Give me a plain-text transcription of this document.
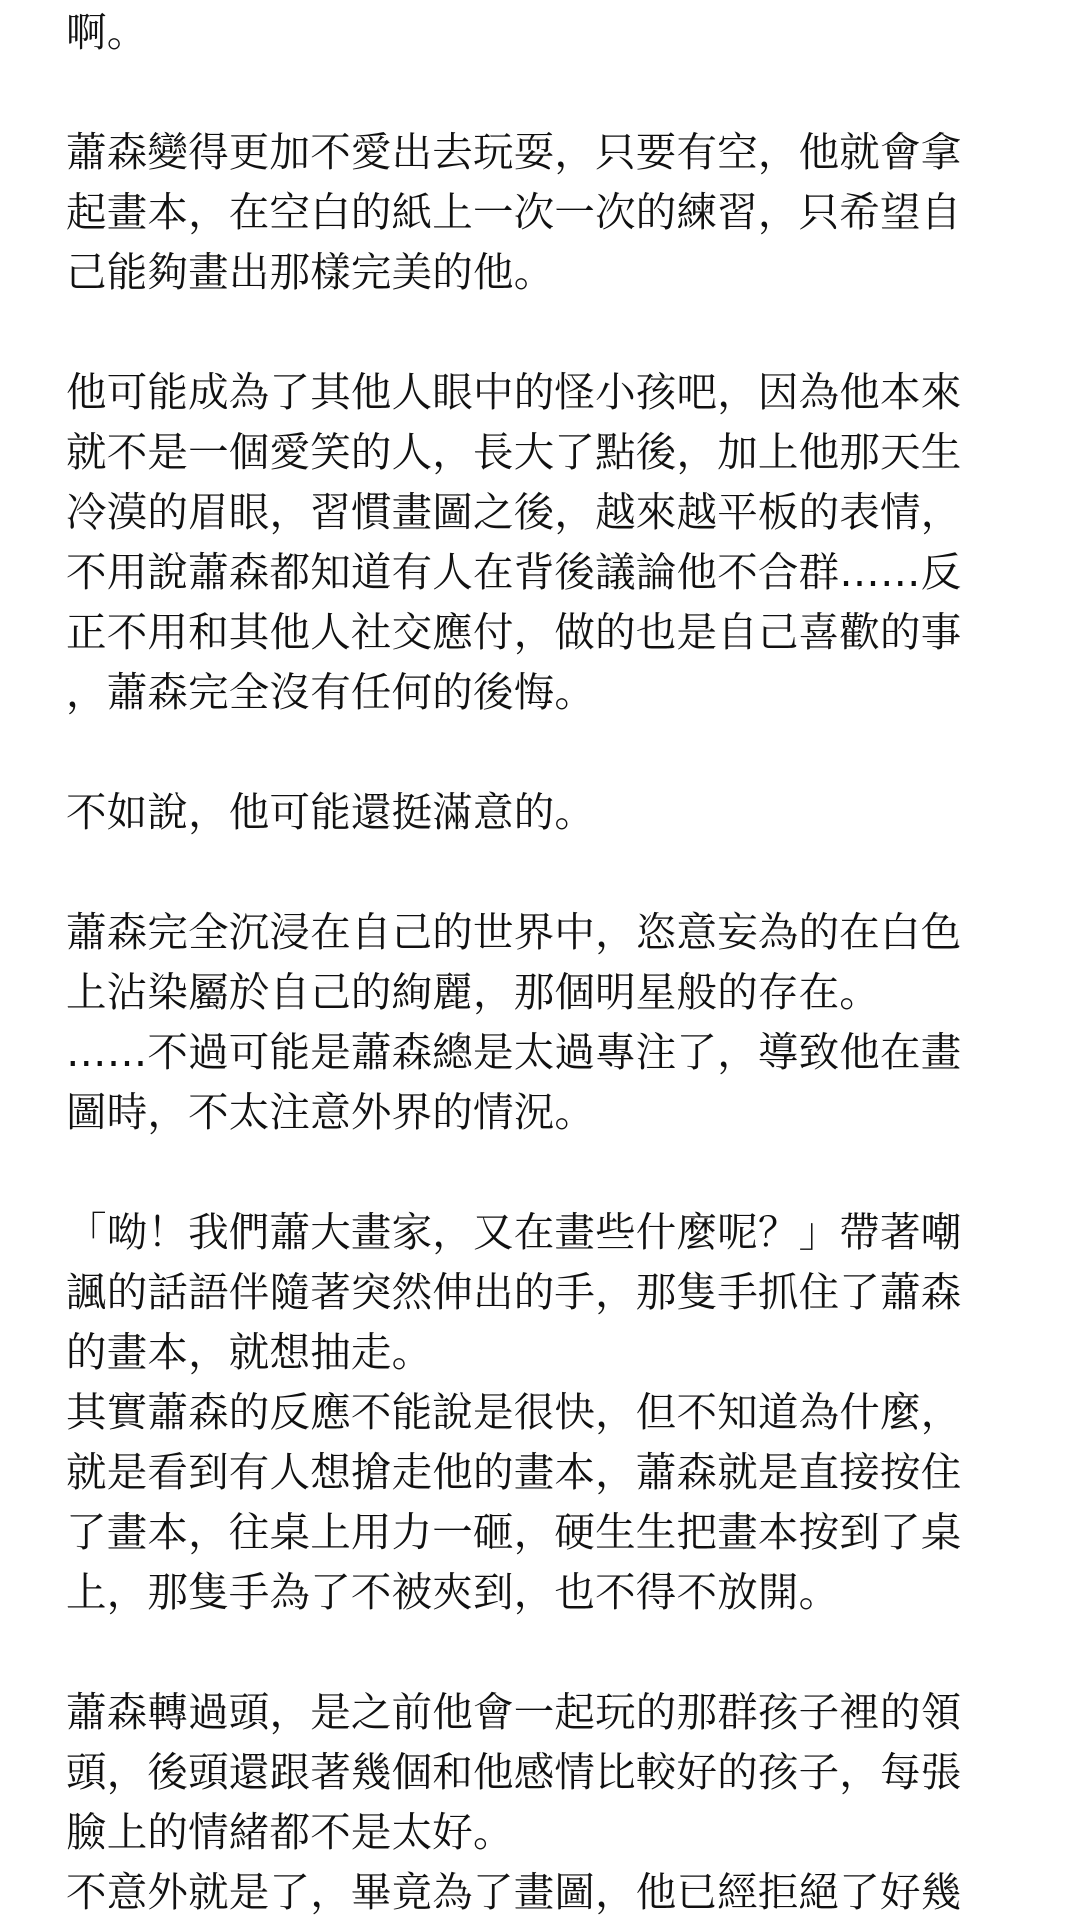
啊。
蕭森變得更加不愛出去玩耍，只要有空，他就會拿
起畫本，在空白的紙上一次一次的練習，只希望自
己能夠畫出那樣完美的他。
他可能成為了其他人眼中的怪小孩吧，因為他本來
就不是一個愛笑的人，長大了點後，加上他那天生
冷漠的眉眼，習慣畫圖之後，越來越平板的表情，
不用說蕭森都知道有人在背後議論他不合群……反
正不用和其他人社交應付，做的也是自己喜歡的事
，蕭森完全沒有任何的後悔。
不如說，他可能還挺滿意的。
蕭森完全沉浸在自己的世界中，恣意妄為的在白色
上沾染屬於自己的絢麗，那個明星般的存在。
……不過可能是蕭森總是太過專注了，導致他在畫
圖時，不太注意外界的情況。
「呦！我們蕭大畫家，又在畫些什麼呢？」帶著嘲
諷的話語伴隨著突然伸出的手，那隻手抓住了蕭森
的畫本，就想抽走。
其實蕭森的反應不能說是很快，但不知道為什麼，
就是看到有人想搶走他的畫本，蕭森就是直接按住
了畫本，往桌上用力一砸，硬生生把畫本按到了桌
上，那隻手為了不被夾到，也不得不放開。
蕭森轉過頭，是之前他會一起玩的那群孩子裡的領
頭，後頭還跟著幾個和他感情比較好的孩子，每張
臉上的情緒都不是太好。
不意外就是了，畢竟為了畫圖，他已經拒絕了好幾
